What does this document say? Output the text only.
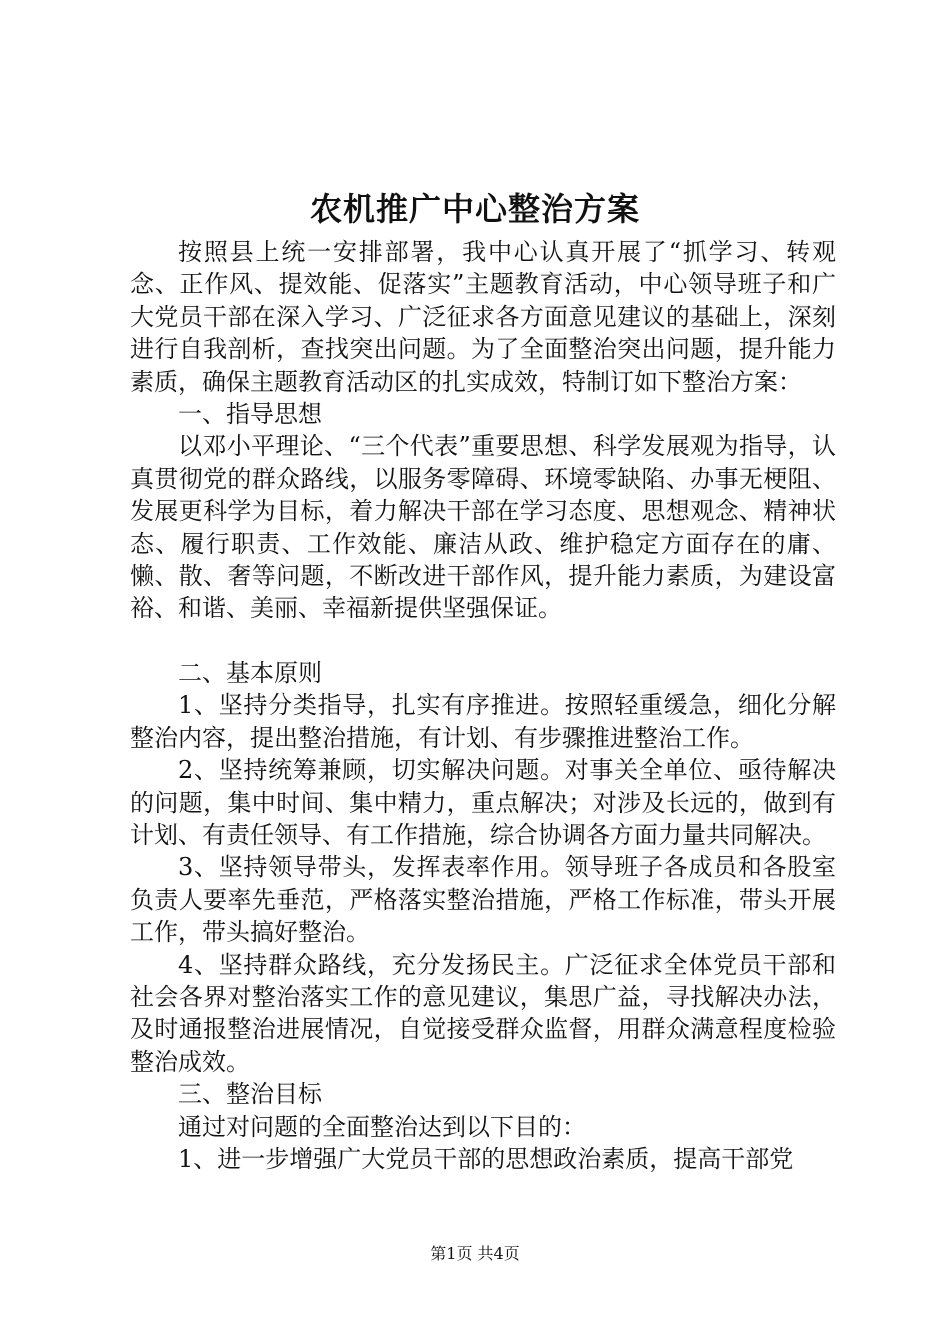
农机推广中心整治方案

按照县上统一安排部署，我中心认真开展了“抓学习、转观念、正作风、提效能、促落实”主题教育活动，中心领导班子和广大党员干部在深入学习、广泛征求各方面意见建议的基础上，深刻进行自我剖析，查找突出问题。为了全面整治突出问题，提升能力素质，确保主题教育活动区的扎实成效，特制订如下整治方案：

一、指导思想

以邓小平理论、“三个代表”重要思想、科学发展观为指导，认真贯彻党的群众路线，以服务零障碍、环境零缺陷、办事无梗阻、发展更科学为目标，着力解决干部在学习态度、思想观念、精神状态、履行职责、工作效能、廉洁从政、维护稳定方面存在的庸、懒、散、奢等问题，不断改进干部作风，提升能力素质，为建设富裕、和谐、美丽、幸福新提供坚强保证。

二、基本原则

1、坚持分类指导，扎实有序推进。按照轻重缓急，细化分解整治内容，提出整治措施，有计划、有步骤推进整治工作。

2、坚持统筹兼顾，切实解决问题。对事关全单位、亟待解决的问题，集中时间、集中精力，重点解决；对涉及长远的，做到有计划、有责任领导、有工作措施，综合协调各方面力量共同解决。

3、坚持领导带头，发挥表率作用。领导班子各成员和各股室负责人要率先垂范，严格落实整治措施，严格工作标准，带头开展工作，带头搞好整治。

4、坚持群众路线，充分发扬民主。广泛征求全体党员干部和社会各界对整治落实工作的意见建议，集思广益，寻找解决办法，及时通报整治进展情况，自觉接受群众监督，用群众满意程度检验整治成效。

三、整治目标

通过对问题的全面整治达到以下目的：

1、进一步增强广大党员干部的思想政治素质，提高干部党

第1页 共4页
